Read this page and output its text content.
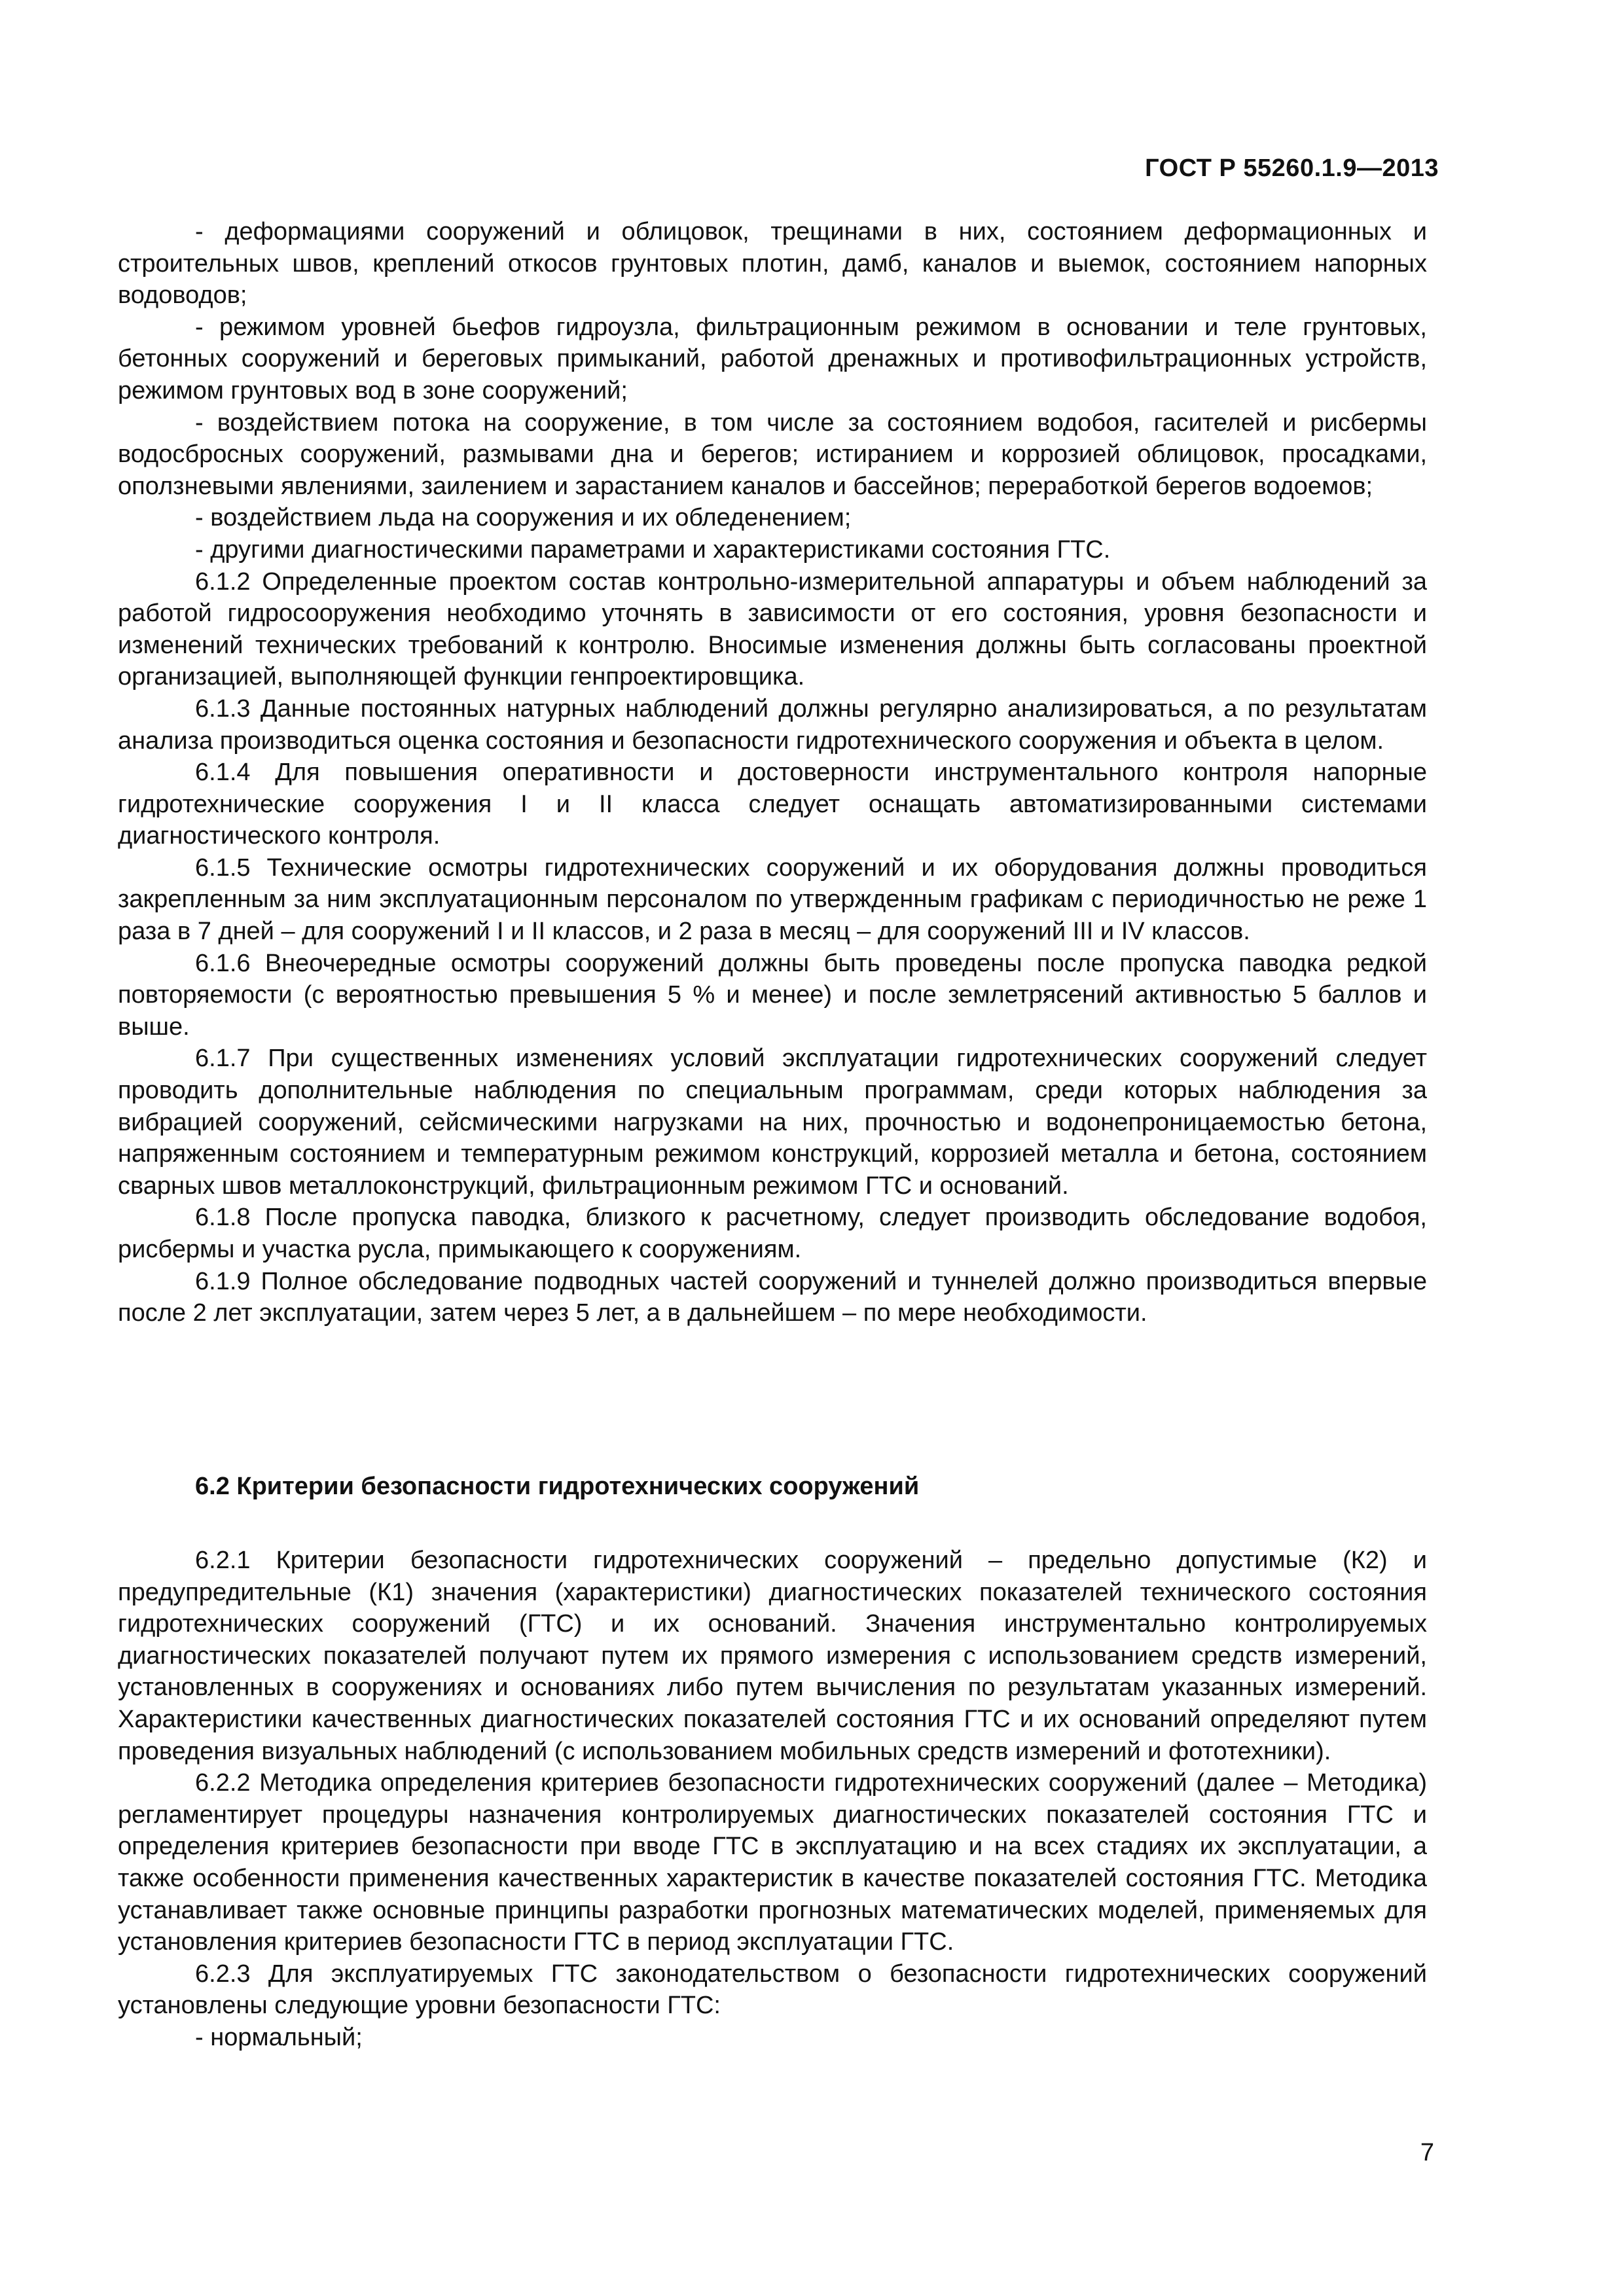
ГОСТ Р 55260.1.9—2013

- деформациями сооружений и облицовок, трещинами в них, состоянием деформационных и строительных швов, креплений откосов грунтовых плотин, дамб, каналов и выемок, состоянием напорных водоводов;

- режимом уровней бьефов гидроузла, фильтрационным режимом в основании и теле грунтовых, бетонных сооружений и береговых примыканий, работой дренажных и противофильтрационных устройств, режимом грунтовых вод в зоне сооружений;

- воздействием потока на сооружение, в том числе за состоянием водобоя, гасителей и рисбермы водосбросных сооружений, размывами дна и берегов; истиранием и коррозией облицовок, просадками, оползневыми явлениями, заилением и зарастанием каналов и бассейнов; переработкой берегов водоемов;

- воздействием льда на сооружения и их обледенением;

- другими диагностическими параметрами и характеристиками состояния ГТС.

6.1.2 Определенные проектом состав контрольно-измерительной аппаратуры и объем наблюдений за работой гидросооружения необходимо уточнять в зависимости от его состояния, уровня безопасности и изменений технических требований к контролю. Вносимые изменения должны быть согласованы проектной организацией, выполняющей функции генпроектировщика.

6.1.3 Данные постоянных натурных наблюдений должны регулярно анализироваться, а по результатам анализа производиться оценка состояния и безопасности гидротехнического сооружения и объекта в целом.

6.1.4 Для повышения оперативности и достоверности инструментального контроля напорные гидротехнические сооружения I и II класса следует оснащать автоматизированными системами диагностического контроля.

6.1.5 Технические осмотры гидротехнических сооружений и их оборудования должны проводиться закрепленным за ним эксплуатационным персоналом по утвержденным графикам с периодичностью не реже 1 раза в 7 дней – для сооружений I и II классов, и 2 раза в месяц – для сооружений III и IV классов.

6.1.6 Внеочередные осмотры сооружений должны быть проведены после пропуска паводка редкой повторяемости (с вероятностью превышения 5 % и менее) и после землетрясений активностью 5 баллов и выше.

6.1.7 При существенных изменениях условий эксплуатации гидротехнических сооружений следует проводить дополнительные наблюдения по специальным программам, среди которых наблюдения за вибрацией сооружений, сейсмическими нагрузками на них, прочностью и водонепроницаемостью бетона, напряженным состоянием и температурным режимом конструкций, коррозией металла и бетона, состоянием сварных швов металлоконструкций, фильтрационным режимом ГТС и оснований.

6.1.8 После пропуска паводка, близкого к расчетному, следует производить обследование водобоя, рисбермы и участка русла, примыкающего к сооружениям.

6.1.9 Полное обследование подводных частей сооружений и туннелей должно производиться впервые после 2 лет эксплуатации, затем через 5 лет, а в дальнейшем – по мере необходимости.

6.2 Критерии безопасности гидротехнических сооружений

6.2.1 Критерии безопасности гидротехнических сооружений – предельно допустимые (К2) и предупредительные (К1) значения (характеристики) диагностических показателей технического состояния гидротехнических сооружений (ГТС) и их оснований. Значения инструментально контролируемых диагностических показателей получают путем их прямого измерения с использованием средств измерений, установленных в сооружениях и основаниях либо путем вычисления по результатам указанных измерений. Характеристики качественных диагностических показателей состояния ГТС и их оснований определяют путем проведения визуальных наблюдений (с использованием мобильных средств измерений и фототехники).

6.2.2 Методика определения критериев безопасности гидротехнических сооружений (далее – Методика) регламентирует процедуры назначения контролируемых диагностических показателей состояния ГТС и определения критериев безопасности при вводе ГТС в эксплуатацию и на всех стадиях их эксплуатации, а также особенности применения качественных характеристик в качестве показателей состояния ГТС. Методика устанавливает также основные принципы разработки прогнозных математических моделей, применяемых для установления критериев безопасности ГТС в период эксплуатации ГТС.

6.2.3 Для эксплуатируемых ГТС законодательством о безопасности гидротехнических сооружений установлены следующие уровни безопасности ГТС:

- нормальный;

7
